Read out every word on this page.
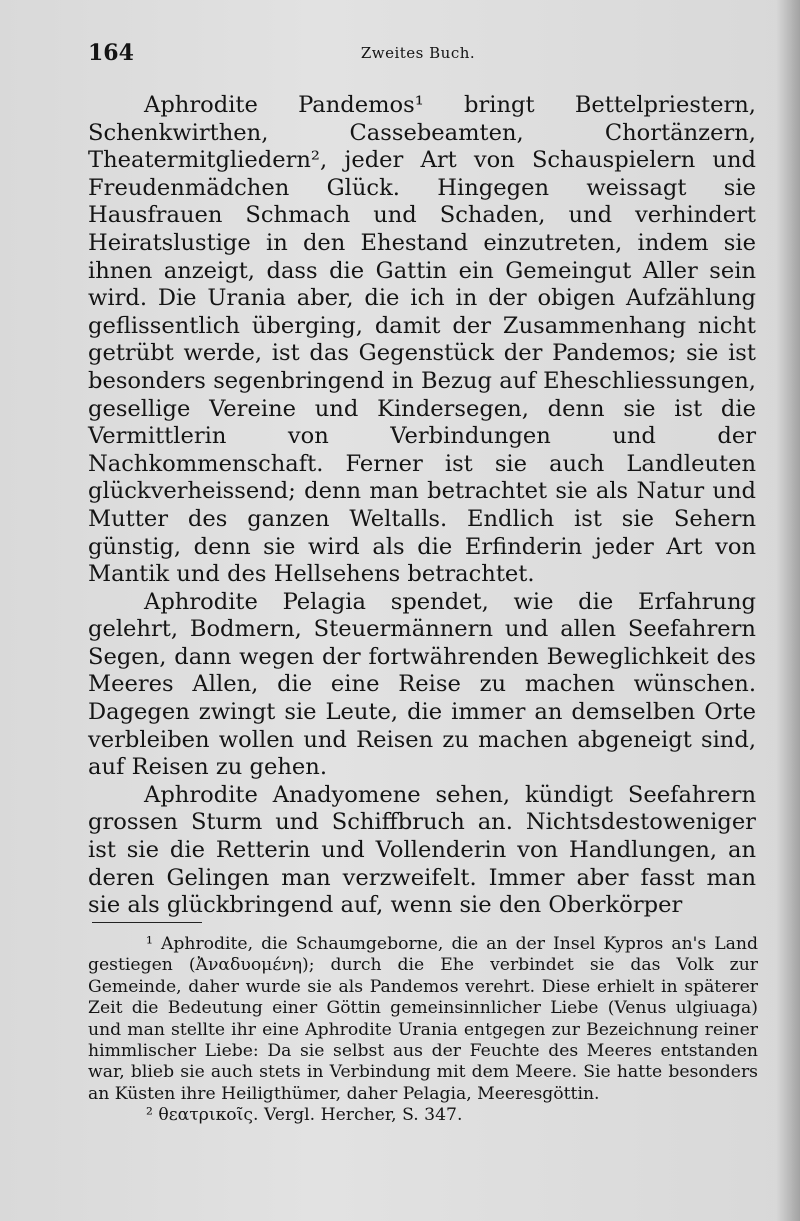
164	Zweites Buch.

Aphrodite Pandemos¹ bringt Bettelpriestern, Schenkwirthen, Cassebeamten, Chortänzern, Theatermitgliedern², jeder Art von Schauspielern und Freudenmädchen Glück. Hingegen weissagt sie Hausfrauen Schmach und Schaden, und verhindert Heiratslustige in den Ehestand einzutreten, indem sie ihnen anzeigt, dass die Gattin ein Gemeingut Aller sein wird. Die Urania aber, die ich in der obigen Aufzählung geflissentlich überging, damit der Zusammenhang nicht getrübt werde, ist das Gegenstück der Pandemos; sie ist besonders segenbringend in Bezug auf Eheschliessungen, gesellige Vereine und Kindersegen, denn sie ist die Vermittlerin von Verbindungen und der Nachkommenschaft. Ferner ist sie auch Landleuten glückverheissend; denn man betrachtet sie als Natur und Mutter des ganzen Weltalls. Endlich ist sie Sehern günstig, denn sie wird als die Erfinderin jeder Art von Mantik und des Hellsehens betrachtet.

Aphrodite Pelagia spendet, wie die Erfahrung gelehrt, Bodmern, Steuermännern und allen Seefahrern Segen, dann wegen der fortwährenden Beweglichkeit des Meeres Allen, die eine Reise zu machen wünschen. Dagegen zwingt sie Leute, die immer an demselben Orte verbleiben wollen und Reisen zu machen abgeneigt sind, auf Reisen zu gehen.

Aphrodite Anadyomene sehen, kündigt Seefahrern grossen Sturm und Schiffbruch an. Nichtsdestoweniger ist sie die Retterin und Vollenderin von Handlungen, an deren Gelingen man verzweifelt. Immer aber fasst man sie als glückbringend auf, wenn sie den Oberkörper

¹ Aphrodite, die Schaumgeborne, die an der Insel Kypros an's Land gestiegen (Ἀναδυομένη); durch die Ehe verbindet sie das Volk zur Gemeinde, daher wurde sie als Pandemos verehrt. Diese erhielt in späterer Zeit die Bedeutung einer Göttin gemeinsinnlicher Liebe (Venus ulgiuaga) und man stellte ihr eine Aphrodite Urania entgegen zur Bezeichnung reiner himmlischer Liebe: Da sie selbst aus der Feuchte des Meeres entstanden war, blieb sie auch stets in Verbindung mit dem Meere. Sie hatte besonders an Küsten ihre Heiligthümer, daher Pelagia, Meeresgöttin.

² θεατρικοῖς. Vergl. Hercher, S. 347.
